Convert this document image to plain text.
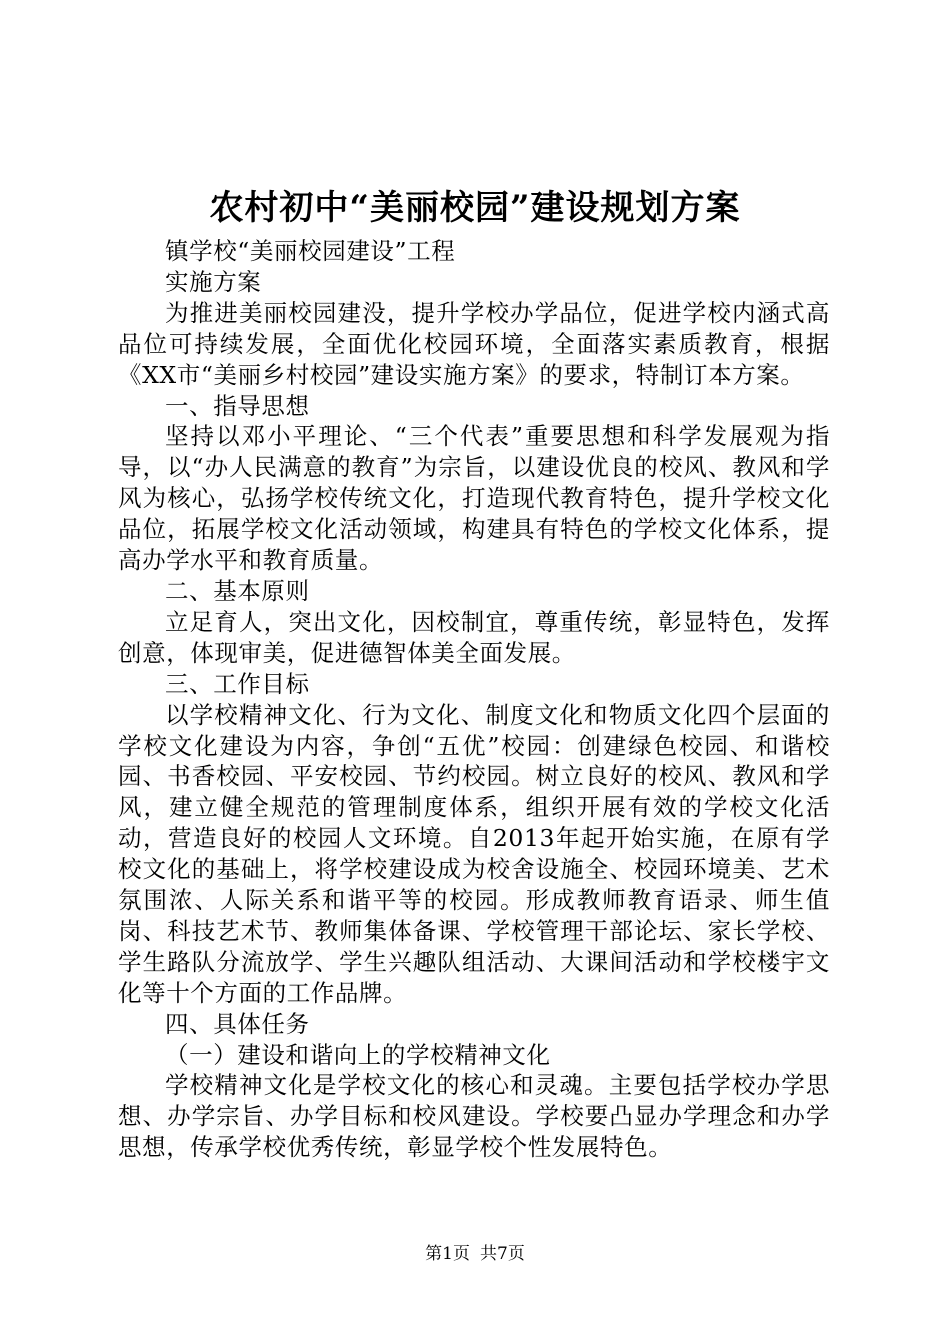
农村初中“美丽校园”建设规划方案

镇学校“美丽校园建设”工程

实施方案

为推进美丽校园建没，提升学校办学品位，促进学校内涵式高品位可持续发展，全面优化校园环境，全面落实素质教育，根据《XX市“美丽乡村校园”建设实施方案》的要求，特制订本方案。

一、指导思想

坚持以邓小平理论、“三个代表”重要思想和科学发展观为指导，以“办人民满意的教育”为宗旨，以建设优良的校风、教风和学风为核心，弘扬学校传统文化，打造现代教育特色，提升学校文化品位，拓展学校文化活动领域，构建具有特色的学校文化体系，提高办学水平和教育质量。

二、基本原则

立足育人，突出文化，因校制宜，尊重传统，彰显特色，发挥创意，体现审美，促进德智体美全面发展。

三、工作目标

以学校精神文化、行为文化、制度文化和物质文化四个层面的学校文化建设为内容，争创“五优”校园：创建绿色校园、和谐校园、书香校园、平安校园、节约校园。树立良好的校风、教风和学风，建立健全规范的管理制度体系，组织开展有效的学校文化活动，营造良好的校园人文环境。自2013年起开始实施，在原有学校文化的基础上，将学校建设成为校舍设施全、校园环境美、艺术氛围浓、人际关系和谐平等的校园。形成教师教育语录、师生值岗、科技艺术节、教师集体备课、学校管理干部论坛、家长学校、学生路队分流放学、学生兴趣队组活动、大课间活动和学校楼宇文化等十个方面的工作品牌。

四、具体任务

（一）建设和谐向上的学校精神文化

学校精神文化是学校文化的核心和灵魂。主要包括学校办学思想、办学宗旨、办学目标和校风建设。学校要凸显办学理念和办学思想，传承学校优秀传统，彰显学校个性发展特色。

第1页 共7页
